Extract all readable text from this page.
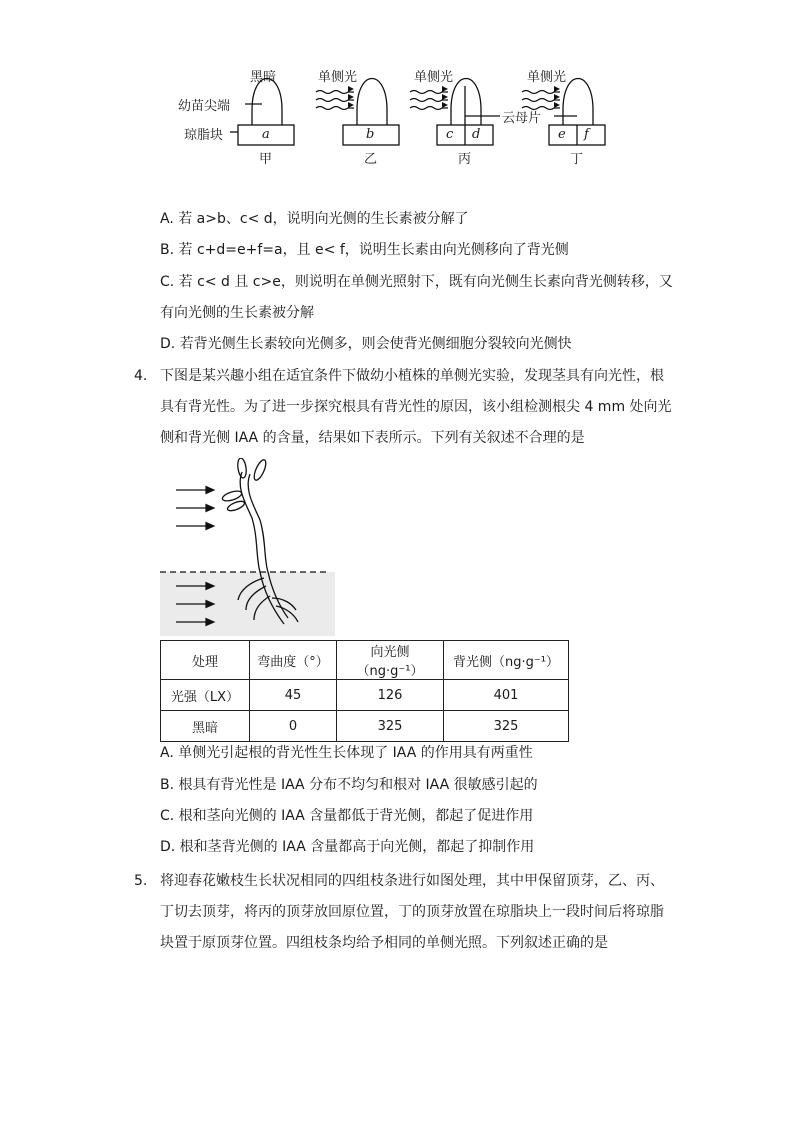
黑暗	单侧光	单侧光	单侧光
幼苗尖端
琼脂块
云母片
a	b	c d	e f
甲	乙	丙	丁
A. 若 a>b、c< d，说明向光侧的生长素被分解了
B. 若 c+d=e+f=a，且 e< f，说明生长素由向光侧移向了背光侧
C. 若 c< d 且 c>e，则说明在单侧光照射下，既有向光侧生长素向背光侧转移，又
有向光侧的生长素被分解
D. 若背光侧生长素较向光侧多，则会使背光侧细胞分裂较向光侧快
4. 下图是某兴趣小组在适宜条件下做幼小植株的单侧光实验，发现茎具有向光性，根
具有背光性。为了进一步探究根具有背光性的原因，该小组检测根尖 4 mm 处向光
侧和背光侧 IAA 的含量，结果如下表所示。下列有关叙述不合理的是
处理	弯曲度（°）	向光侧（ng·g⁻¹）	背光侧（ng·g⁻¹）
光强（LX）	45	126	401
黑暗	0	325	325
A. 单侧光引起根的背光性生长体现了 IAA 的作用具有两重性
B. 根具有背光性是 IAA 分布不均匀和根对 IAA 很敏感引起的
C. 根和茎向光侧的 IAA 含量都低于背光侧，都起了促进作用
D. 根和茎背光侧的 IAA 含量都高于向光侧，都起了抑制作用
5. 将迎春花嫩枝生长状况相同的四组枝条进行如图处理，其中甲保留顶芽，乙、丙、
丁切去顶芽，将丙的顶芽放回原位置，丁的顶芽放置在琼脂块上一段时间后将琼脂
块置于原顶芽位置。四组枝条均给予相同的单侧光照。下列叙述正确的是
